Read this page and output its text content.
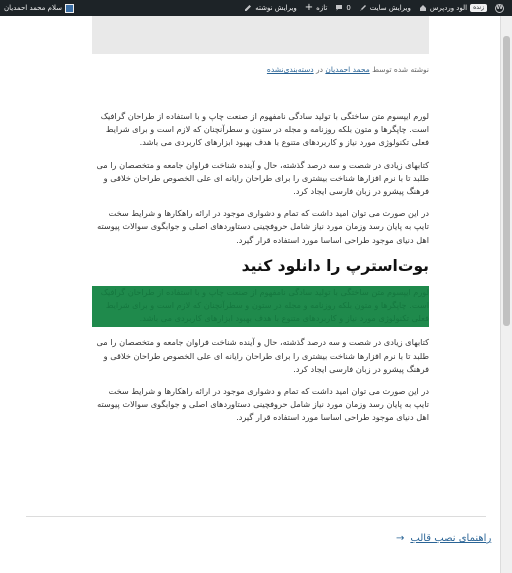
W
الود وردپرس	زنده
ویرایش سایت
0
+ تازه
ویرایش نوشته
سلام محمد احمدیان
نوشته شده توسط محمد احمدیان در دسته‌بندی‌نشده

لورم ایپسوم متن ساختگی با تولید سادگی نامفهوم از صنعت چاپ و با استفاده از طراحان گرافیک است. چاپگرها و متون بلکه روزنامه و مجله در ستون و سطرآنچنان که لازم است و برای شرایط فعلی تکنولوژی مورد نیاز و کاربردهای متنوع با هدف بهبود ابزارهای کاربردی می باشد.

کتابهای زیادی در شصت و سه درصد گذشته، حال و آینده شناخت فراوان جامعه و متخصصان را می طلبد تا با نرم افزارها شناخت بیشتری را برای طراحان رایانه ای علی الخصوص طراحان خلاقی و فرهنگ پیشرو در زبان فارسی ایجاد کرد.

در این صورت می توان امید داشت که تمام و دشواری موجود در ارائه راهکارها و شرایط سخت تایپ به پایان رسد وزمان مورد نیاز شامل حروفچینی دستاوردهای اصلی و جوابگوی سوالات پیوسته اهل دنیای موجود طراحی اساسا مورد استفاده قرار گیرد.

بوت‌استرپ را دانلود کنید

لورم ایپسوم متن ساختگی با تولید سادگی نامفهوم از صنعت چاپ و با استفاده از طراحان گرافیک است. چاپگرها و متون بلکه روزنامه و مجله در ستون و سطرآنچنان که لازم است و برای شرایط فعلی تکنولوژی مورد نیاز و کاربردهای متنوع با هدف بهبود ابزارهای کاربردی می باشد.

کتابهای زیادی در شصت و سه درصد گذشته، حال و آینده شناخت فراوان جامعه و متخصصان را می طلبد تا با نرم افزارها شناخت بیشتری را برای طراحان رایانه ای علی الخصوص طراحان خلاقی و فرهنگ پیشرو در زبان فارسی ایجاد کرد.

در این صورت می توان امید داشت که تمام و دشواری موجود در ارائه راهکارها و شرایط سخت تایپ به پایان رسد وزمان مورد نیاز شامل حروفچینی دستاوردهای اصلی و جوابگوی سوالات پیوسته اهل دنیای موجود طراحی اساسا مورد استفاده قرار گیرد.

راهنمای نصب قالب
→
